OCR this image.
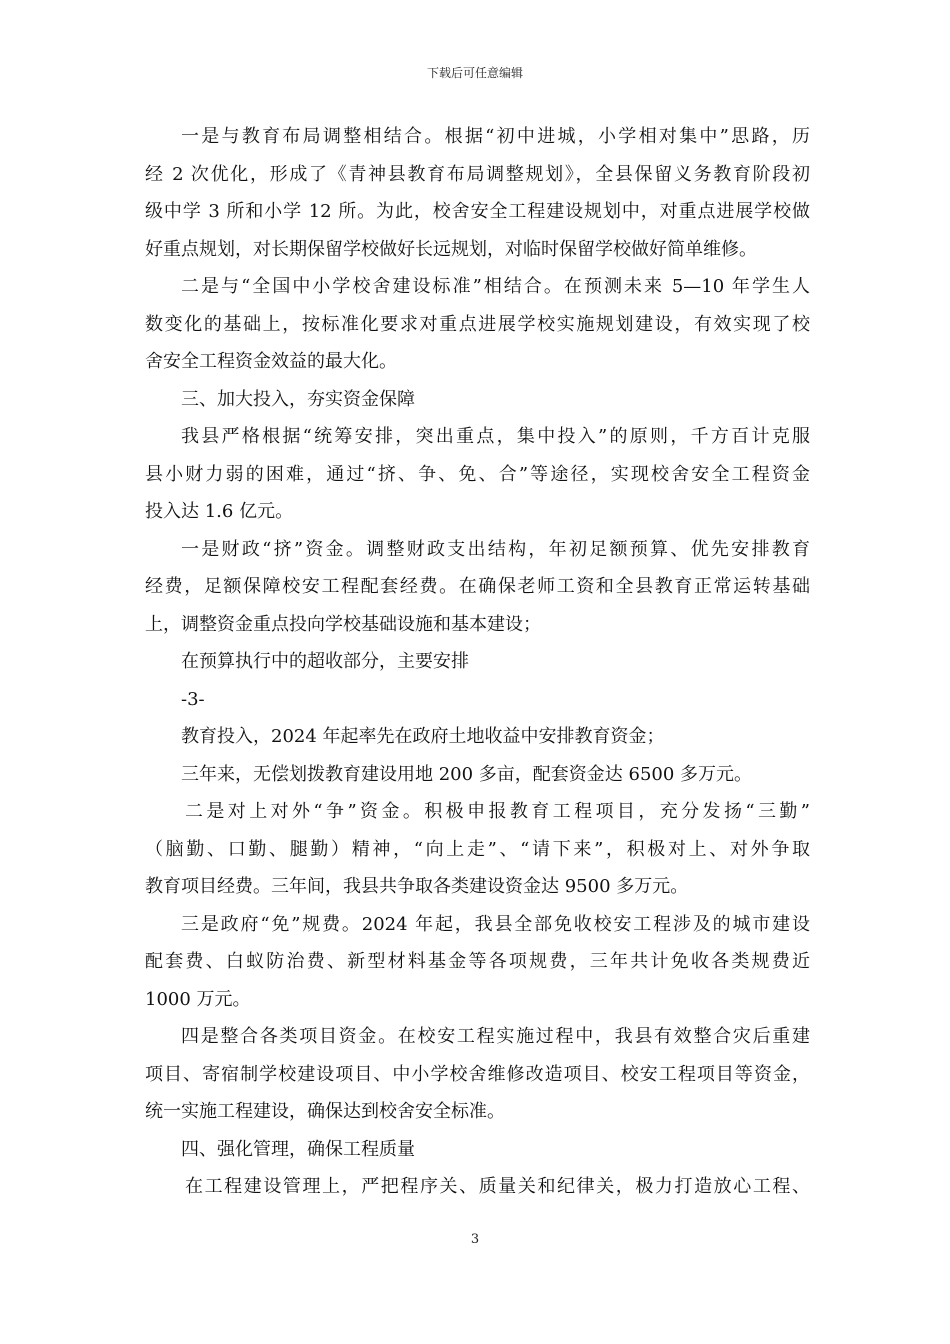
下载后可任意编辑
一是与教育布局调整相结合。根据“初中进城，小学相对集中”思路，历
经 2 次优化，形成了《青神县教育布局调整规划》，全县保留义务教育阶段初
级中学 3 所和小学 12 所。为此，校舍安全工程建设规划中，对重点进展学校做
好重点规划，对长期保留学校做好长远规划，对临时保留学校做好简单维修。
二是与“全国中小学校舍建设标准”相结合。在预测未来 5—10 年学生人
数变化的基础上，按标准化要求对重点进展学校实施规划建设，有效实现了校
舍安全工程资金效益的最大化。
三、加大投入，夯实资金保障
我县严格根据“统筹安排，突出重点，集中投入”的原则，千方百计克服
县小财力弱的困难，通过“挤、争、免、合”等途径，实现校舍安全工程资金
投入达 1.6 亿元。
一是财政“挤”资金。调整财政支出结构，年初足额预算、优先安排教育
经费，足额保障校安工程配套经费。在确保老师工资和全县教育正常运转基础
上，调整资金重点投向学校基础设施和基本建设；
在预算执行中的超收部分，主要安排
-3-
教育投入，2024 年起率先在政府土地收益中安排教育资金；
三年来，无偿划拨教育建设用地 200 多亩，配套资金达 6500 多万元。
二是对上对外“争”资金。积极申报教育工程项目，充分发扬“三勤”
（脑勤、口勤、腿勤）精神，“向上走”、“请下来”，积极对上、对外争取
教育项目经费。三年间，我县共争取各类建设资金达 9500 多万元。
三是政府“免”规费。2024 年起，我县全部免收校安工程涉及的城市建设
配套费、白蚁防治费、新型材料基金等各项规费，三年共计免收各类规费近
1000 万元。
四是整合各类项目资金。在校安工程实施过程中，我县有效整合灾后重建
项目、寄宿制学校建设项目、中小学校舍维修改造项目、校安工程项目等资金，
统一实施工程建设，确保达到校舍安全标准。
四、强化管理，确保工程质量
在工程建设管理上，严把程序关、质量关和纪律关，极力打造放心工程、
3
